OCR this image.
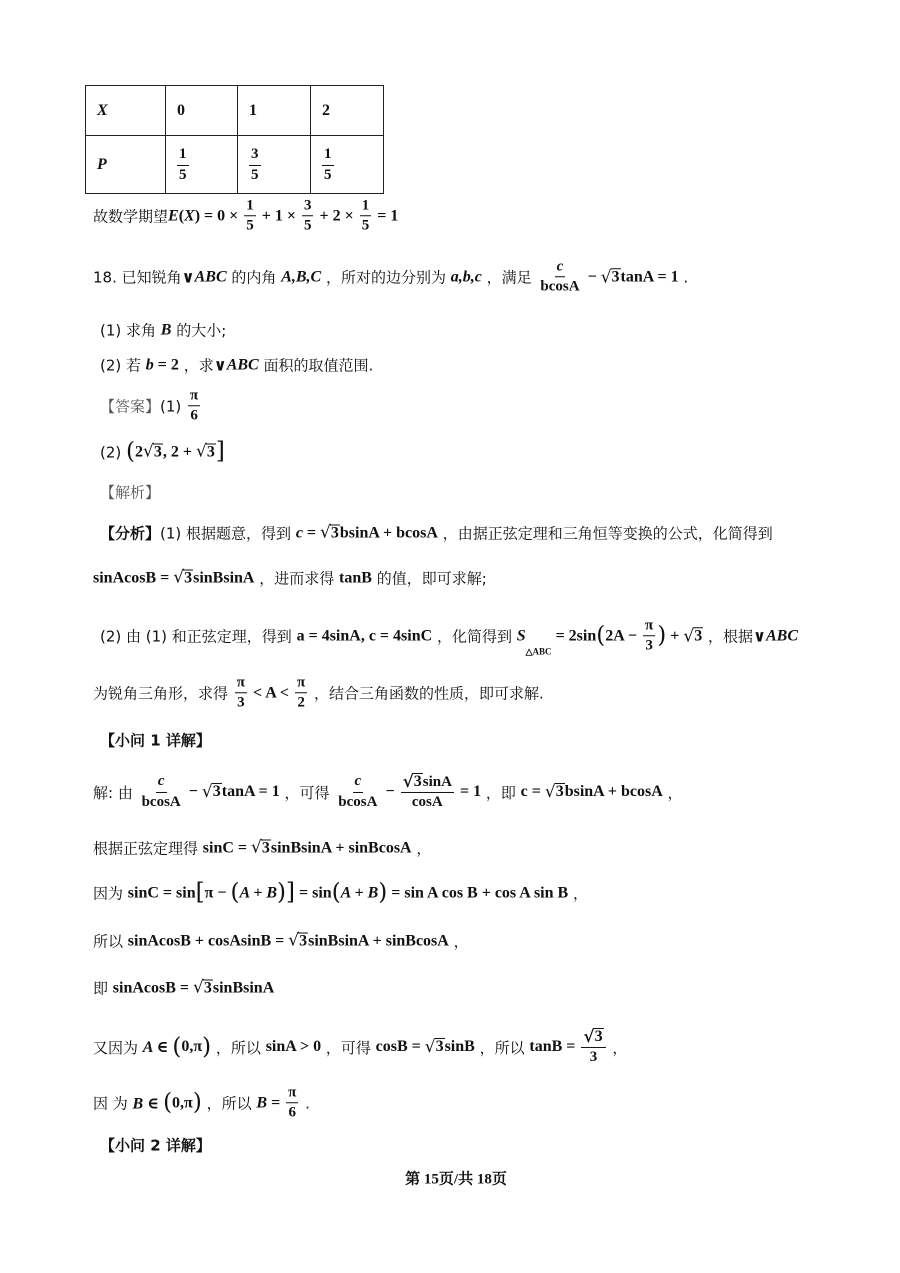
X	0	1	2
P	$\frac{1}{5}$	$\frac{3}{5}$	$\frac{1}{5}$
故数学期望 E ( X ) = $0 \times \frac{1}{5} + 1 \times \frac{3}{5} + 2 \times \frac{1}{5} = 1$
18. 已知锐角 ∨ ABC 的内角 A,B,C ，所对的边分别为 a,b,c ，满足 $\frac{c}{bcosA}$ − √ 3 tanA = 1 .
(1) 求角 B 的大小;
(2) 若 b = 2 ，求 ∨ ABC 面积的取值范围.
【答案】 $(1) \frac{\pi}{6}$
(2) ( 2 √ 3 , 2 + √ 3 ]
【解析】
【分析】 (1) 根据题意，得到 c = √ 3 bsinA + bcosA ，由据正弦定理和三角恒等变换的公式，化简得到
sinAcosB = √ 3 sinBsinA ，进而求得 tanB 的值，即可求解;
(2) 由 (1) 和正弦定理，得到 a = 4sinA, c = 4sinC ，化简得到 S
△ABC
= 2sin ( $2A - \frac{\pi}{3}$ ) + √ 3 ，根据 ∨ ABC
为锐角三角形，求得 $\frac{\pi}{3} < A < \frac{\pi}{2}$ ，结合三角函数的性质，即可求解.
【小问 1 详解】
解: 由 $\frac{c}{bcosA}$ − √ 3 tanA = 1 ，可得 $\frac{c}{bcosA} - \frac{√ 3 \sin A}{\cos A} = 1$ ，即 c = √ 3 bsinA + bcosA ，
根据正弦定理得 sinC = √ 3 sinBsinA + sinBcosA ，
因为 sinC = sin [ π − ( A + B ) ] = sin ( A + B ) = sin A cos B + cos A sin B ，
所以 sinAcosB + cosAsinB = √ 3 sinBsinA + sinBcosA ，
即 sinAcosB = √ 3 sinBsinA
又因为 A ∈ ( 0,π ) ，所以 sinA > 0 ，可得 cosB = √ 3 sinB ，所以 $\tan B = \frac{√ 3}{3}$ ，
因 为 B ∈ ( 0,π ) ，所以 $B = \frac{\pi}{6}$ .
【小问 2 详解】
第 15页/共 18页
